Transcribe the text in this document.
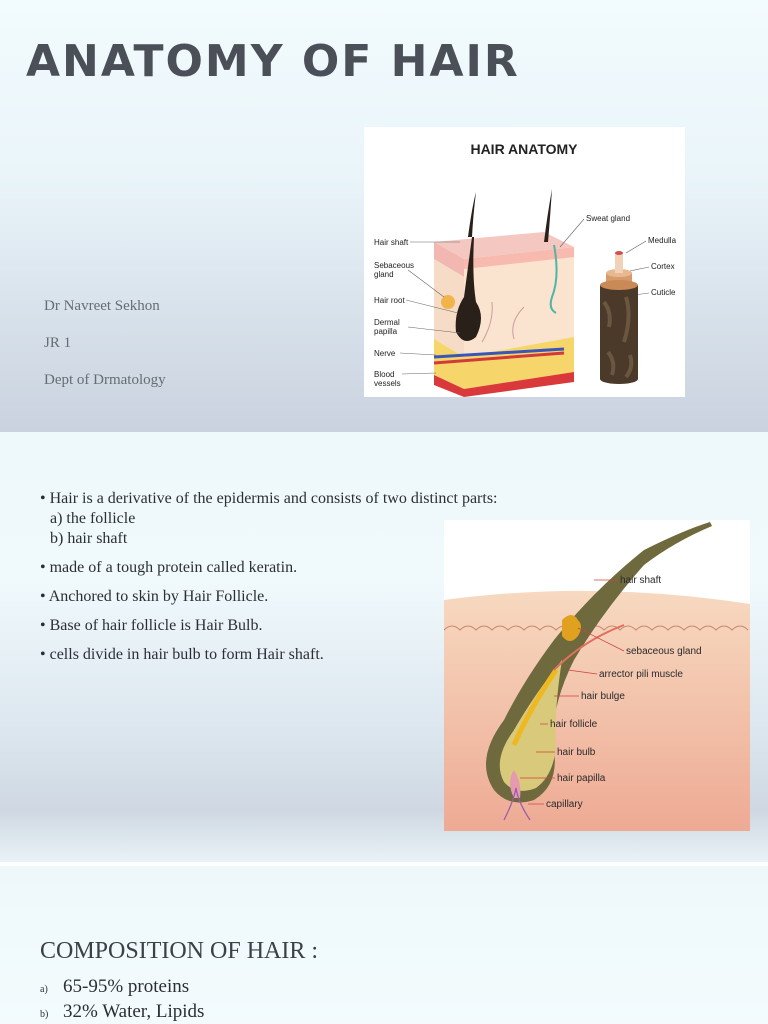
ANATOMY OF HAIR
Dr Navreet Sekhon
JR 1
Dept of Drmatology
HAIR ANATOMY
Hair shaft
Sebaceous
gland
Hair root
Dermal
papilla
Nerve
Blood
vessels
Sweat gland
Medulla
Cortex
Cuticle
• Hair is a derivative of the epidermis and consists of two distinct parts:
a) the follicle
b) hair shaft
• made of a tough protein called keratin.
• Anchored to skin by Hair Follicle.
• Base of hair follicle is Hair Bulb.
• cells divide in hair bulb to form Hair shaft.
hair shaft
sebaceous gland
arrector pili muscle
hair bulge
hair follicle
hair bulb
hair papilla
capillary
COMPOSITION OF HAIR :
a) 65-95% proteins
b) 32% Water, Lipids
